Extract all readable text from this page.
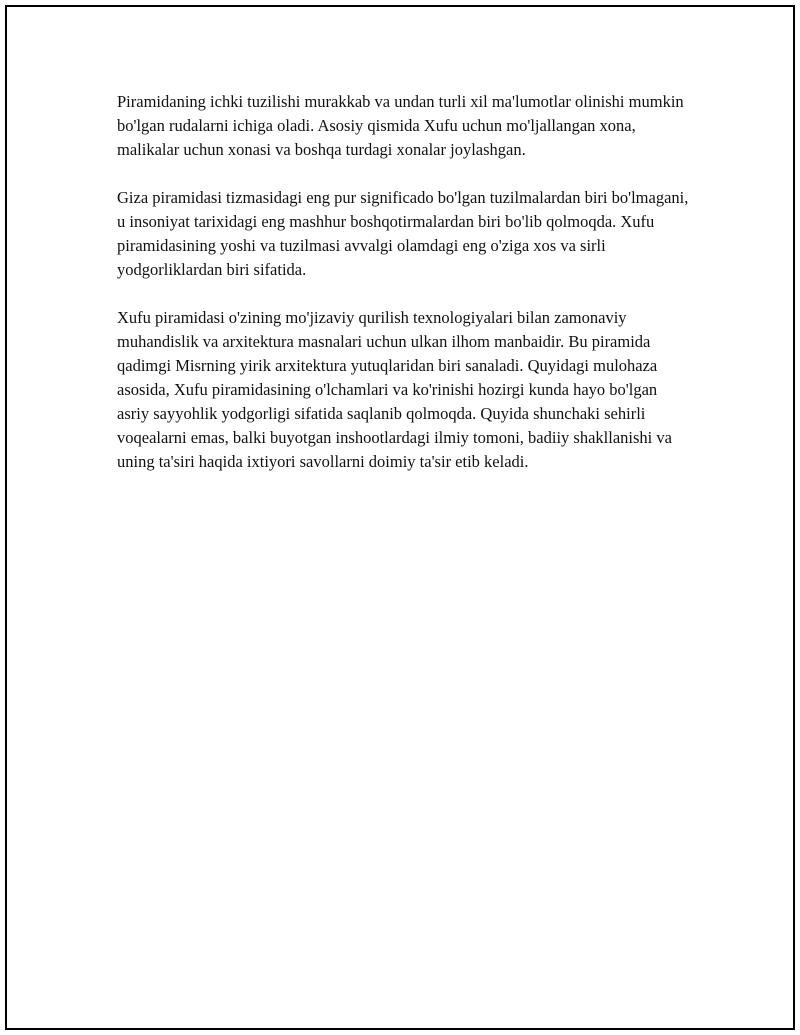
Piramidaning ichki tuzilishi murakkab va undan turli xil ma'lumotlar olinishi mumkin bo'lgan rudalarni ichiga oladi. Asosiy qismida Xufu uchun mo'ljallangan xona, malikalar uchun xonasi va boshqa turdagi xonalar joylashgan.

Giza piramidasi tizmasidagi eng pur significado bo'lgan tuzilmalardan biri bo'lmagani, u insoniyat tarixidagi eng mashhur boshqotirmalardan biri bo'lib qolmoqda. Xufu piramidasining yoshi va tuzilmasi avvalgi olamdagi eng o'ziga xos va sirli yodgorliklardan biri sifatida.

Xufu piramidasi o'zining mo'jizaviy qurilish texnologiyalari bilan zamonaviy muhandislik va arxitektura masnalari uchun ulkan ilhom manbaidir. Bu piramida qadimgi Misrning yirik arxitektura yutuqlaridan biri sanaladi. Quyidagi mulohaza asosida, Xufu piramidasining o'lchamlari va ko'rinishi hozirgi kunda hayo bo'lgan asriy sayyohlik yodgorligi sifatida saqlanib qolmoqda. Quyida shunchaki sehirli voqealarni emas, balki buyotgan inshootlardagi ilmiy tomoni, badiiy shakllanishi va uning ta'siri haqida ixtiyori savollarni doimiy ta'sir etib keladi.
